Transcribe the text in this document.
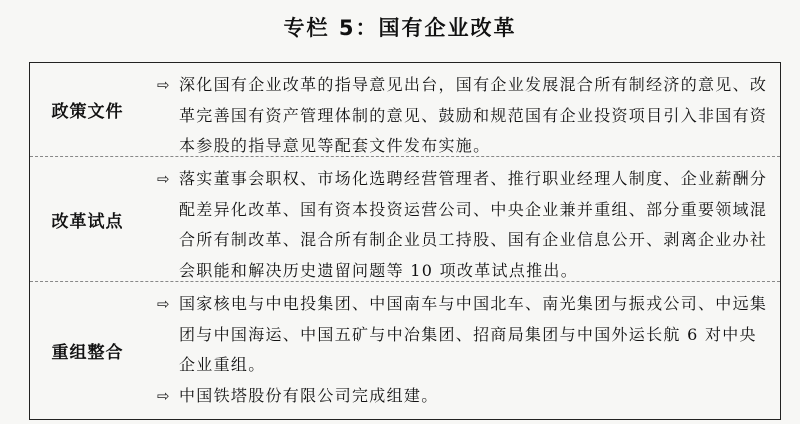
专栏 5：国有企业改革
政策文件
⇨ 深化国有企业改革的指导意见出台，国有企业发展混合所有制经济的意见、改革完善国有资产管理体制的意见、鼓励和规范国有企业投资项目引入非国有资本参股的指导意见等配套文件发布实施。
改革试点
⇨ 落实董事会职权、市场化选聘经营管理者、推行职业经理人制度、企业薪酬分配差异化改革、国有资本投资运营公司、中央企业兼并重组、部分重要领域混合所有制改革、混合所有制企业员工持股、国有企业信息公开、剥离企业办社会职能和解决历史遗留问题等 10 项改革试点推出。
重组整合
⇨ 国家核电与中电投集团、中国南车与中国北车、南光集团与振戎公司、中远集团与中国海运、中国五矿与中冶集团、招商局集团与中国外运长航 6 对中央企业重组。
⇨ 中国铁塔股份有限公司完成组建。
